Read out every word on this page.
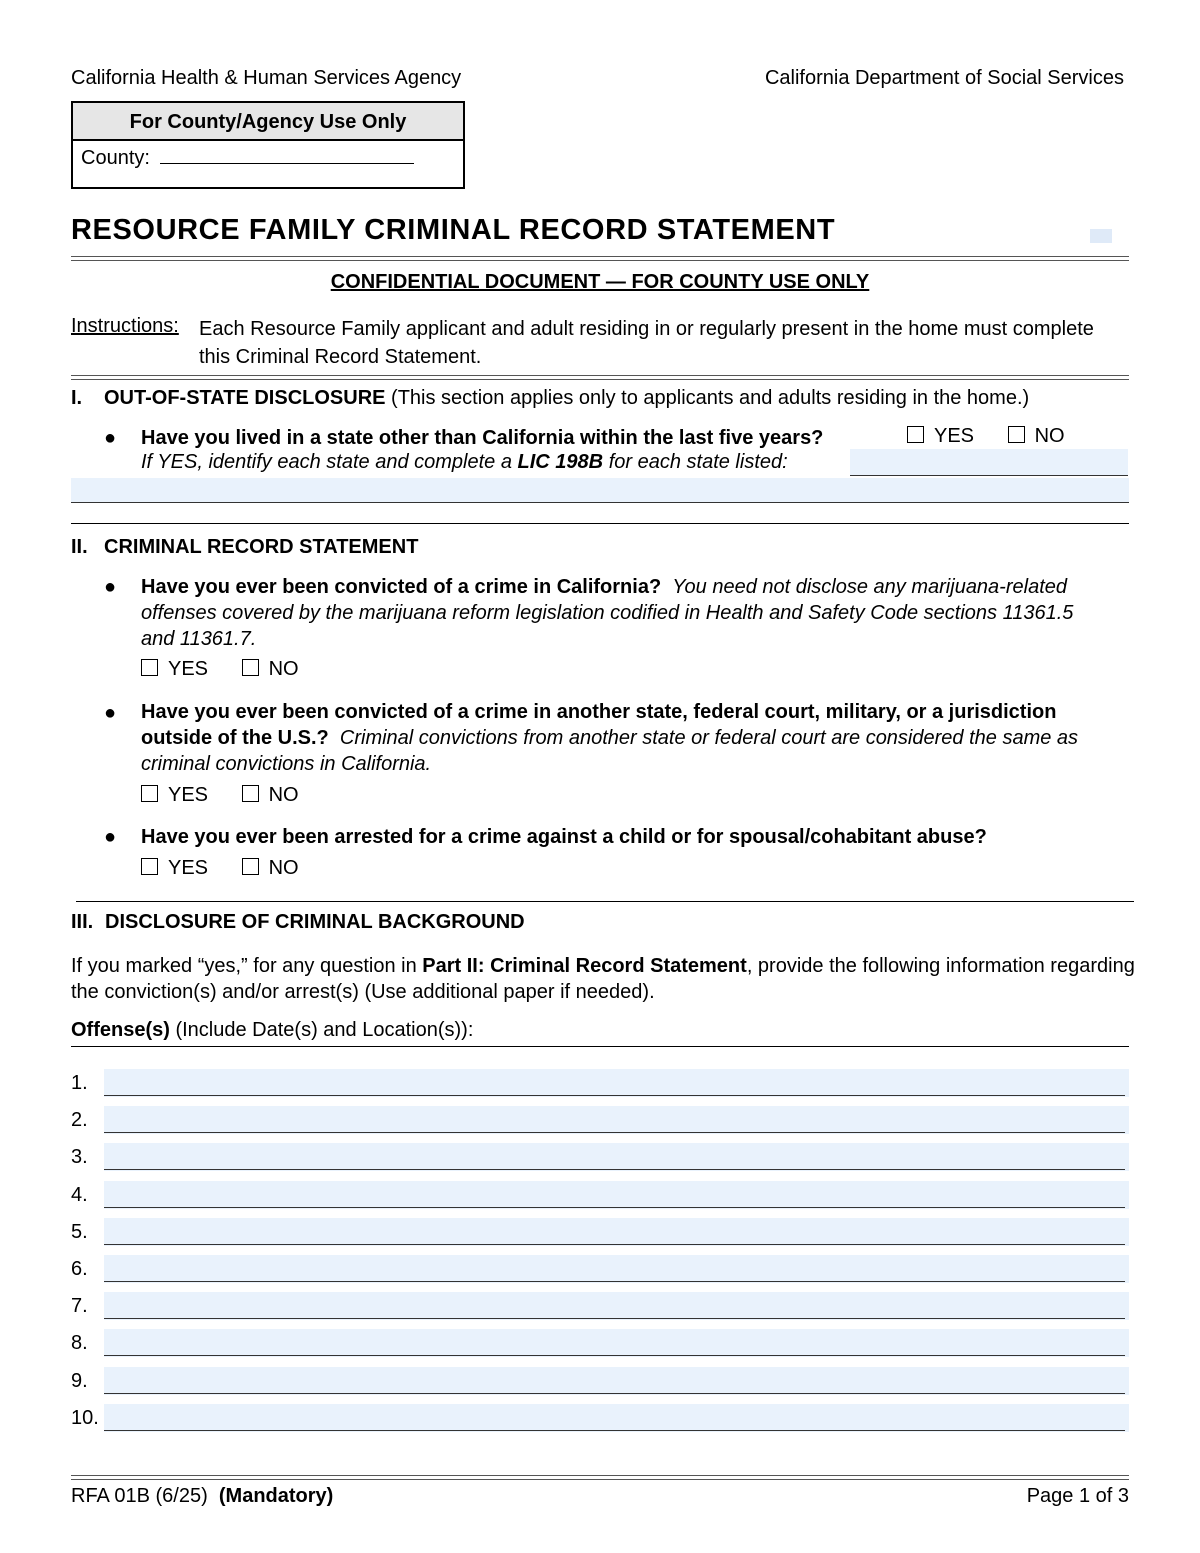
California Health & Human Services Agency	California Department of Social Services
For County/Agency Use Only
County:
RESOURCE FAMILY CRIMINAL RECORD STATEMENT
CONFIDENTIAL DOCUMENT — FOR COUNTY USE ONLY
Instructions: Each Resource Family applicant and adult residing in or regularly present in the home must complete this Criminal Record Statement.
I. OUT-OF-STATE DISCLOSURE (This section applies only to applicants and adults residing in the home.)
● Have you lived in a state other than California within the last five years?	YES	NO
If YES, identify each state and complete a LIC 198B for each state listed:
II. CRIMINAL RECORD STATEMENT
● Have you ever been convicted of a crime in California? You need not disclose any marijuana-related offenses covered by the marijuana reform legislation codified in Health and Safety Code sections 11361.5 and 11361.7.
YES	NO
● Have you ever been convicted of a crime in another state, federal court, military, or a jurisdiction outside of the U.S.? Criminal convictions from another state or federal court are considered the same as criminal convictions in California.
YES	NO
● Have you ever been arrested for a crime against a child or for spousal/cohabitant abuse?
YES	NO
III. DISCLOSURE OF CRIMINAL BACKGROUND
If you marked “yes,” for any question in Part II: Criminal Record Statement, provide the following information regarding the conviction(s) and/or arrest(s) (Use additional paper if needed).
Offense(s) (Include Date(s) and Location(s)):
1.
2.
3.
4.
5.
6.
7.
8.
9.
10.
RFA 01B (6/25) (Mandatory)	Page 1 of 3
